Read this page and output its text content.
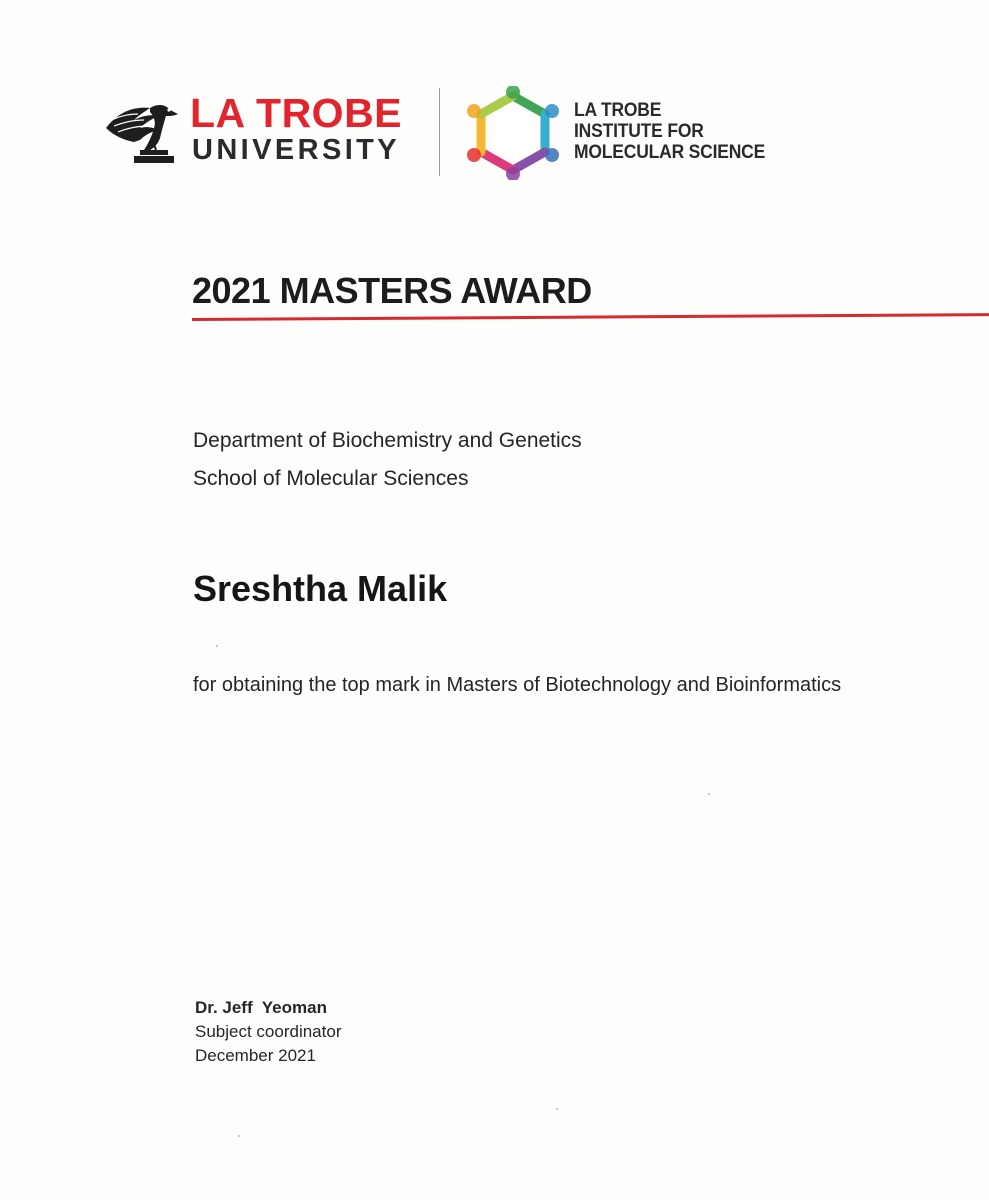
LA TROBE
UNIVERSITY
LA TROBE
INSTITUTE FOR
MOLECULAR SCIENCE
2021 MASTERS AWARD
Department of Biochemistry and Genetics
School of Molecular Sciences
Sreshtha Malik
for obtaining the top mark in Masters of Biotechnology and Bioinformatics
Dr. Jeff  Yeoman
Subject coordinator
December 2021
